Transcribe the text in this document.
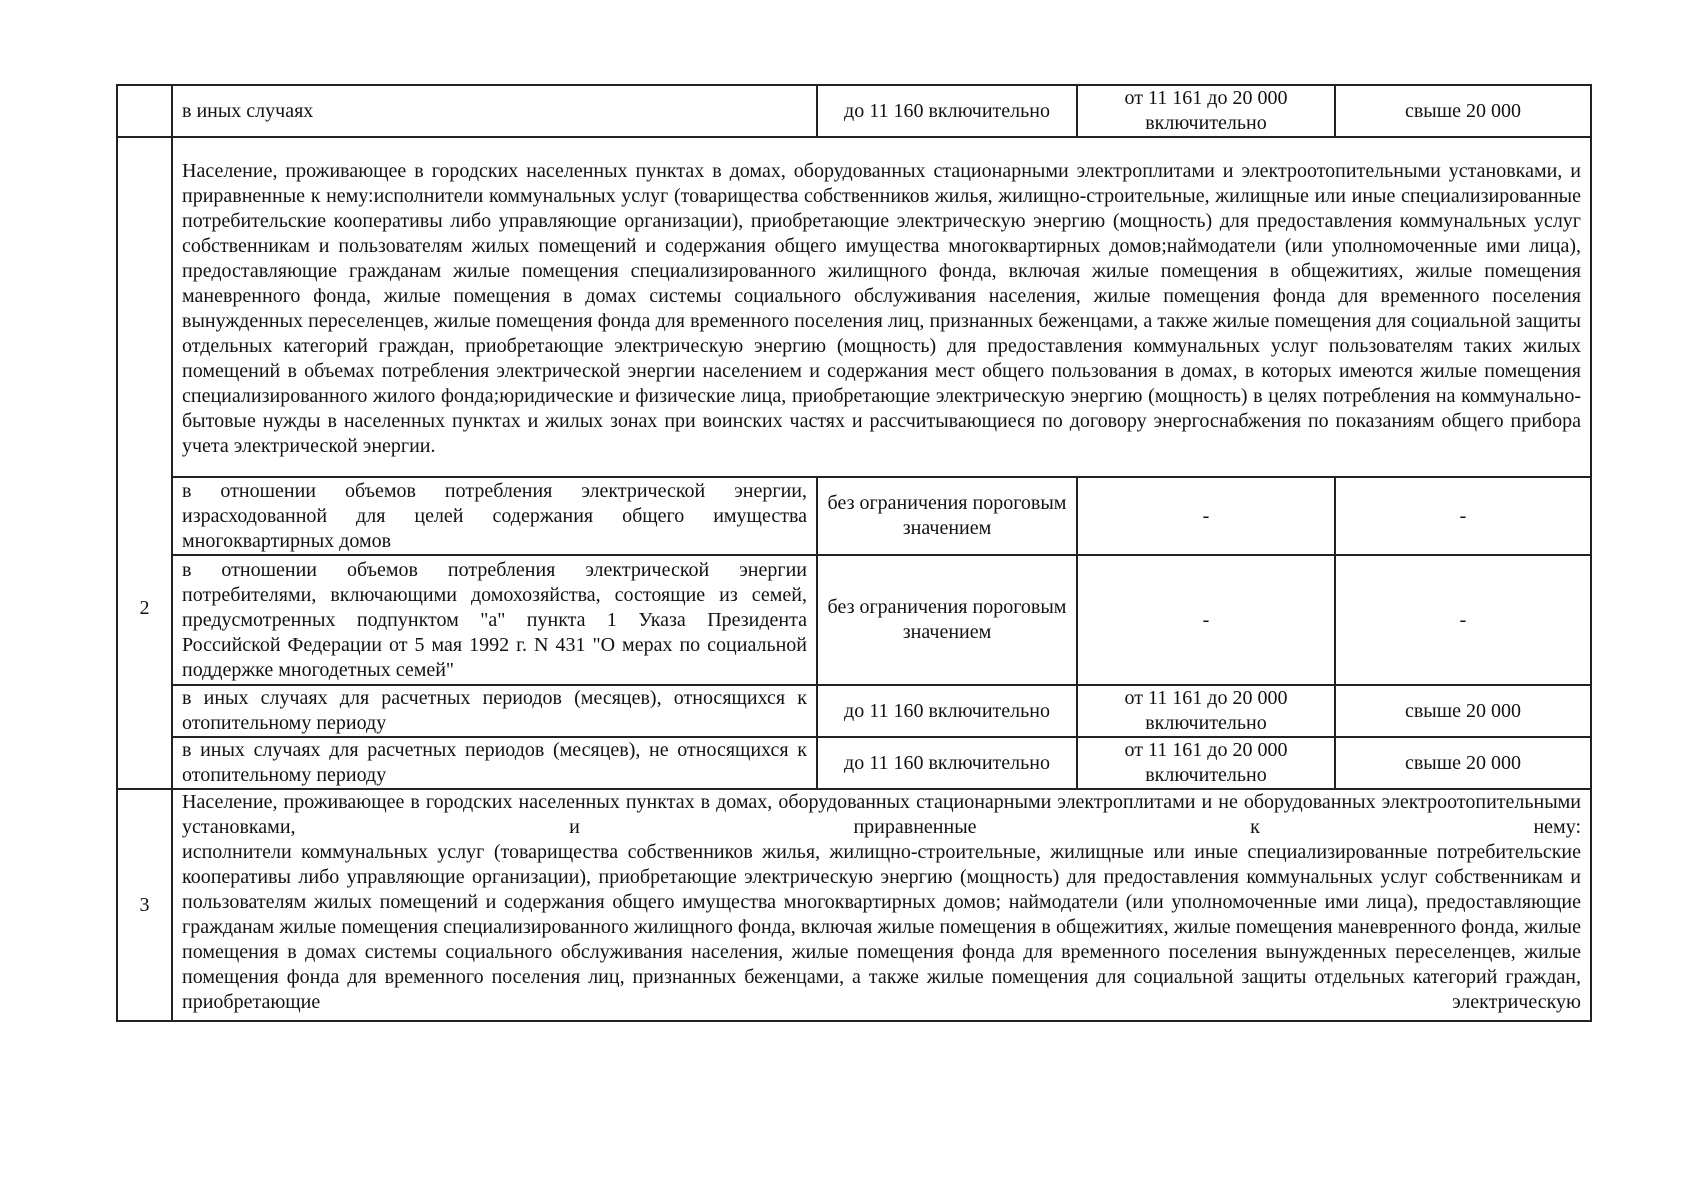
	в иных случаях	до 11 160 включительно	от 11 161 до 20 000 включительно	свыше 20 000
2	Население, проживающее в городских населенных пунктах в домах, оборудованных стационарными электроплитами и электроотопительными установками, и приравненные к нему:исполнители коммунальных услуг (товарищества собственников жилья, жилищно-строительные, жилищные или иные специализированные потребительские кооперативы либо управляющие организации), приобретающие электрическую энергию (мощность) для предоставления коммунальных услуг собственникам и пользователям жилых помещений и содержания общего имущества многоквартирных домов;наймодатели (или уполномоченные ими лица), предоставляющие гражданам жилые помещения специализированного жилищного фонда, включая жилые помещения в общежитиях, жилые помещения маневренного фонда, жилые помещения в домах системы социального обслуживания населения, жилые помещения фонда для временного поселения вынужденных переселенцев, жилые помещения фонда для временного поселения лиц, признанных беженцами, а также жилые помещения для социальной защиты отдельных категорий граждан, приобретающие электрическую энергию (мощность) для предоставления коммунальных услуг пользователям таких жилых помещений в объемах потребления электрической энергии населением и содержания мест общего пользования в домах, в которых имеются жилые помещения специализированного жилого фонда;юридические и физические лица, приобретающие электрическую энергию (мощность) в целях потребления на коммунально-бытовые нужды в населенных пунктах и жилых зонах при воинских частях и рассчитывающиеся по договору энергоснабжения по показаниям общего прибора учета электрической энергии.			
	в отношении объемов потребления электрической энергии, израсходованной для целей содержания общего имущества многоквартирных домов	без ограничения пороговым значением	-	-
	в отношении объемов потребления электрической энергии потребителями, включающими домохозяйства, состоящие из семей, предусмотренных подпунктом "а" пункта 1 Указа Президента Российской Федерации от 5 мая 1992 г. N 431 "О мерах по социальной поддержке многодетных семей"	без ограничения пороговым значением	-	-
	в иных случаях для расчетных периодов (месяцев), относящихся к отопительному периоду	до 11 160 включительно	от 11 161 до 20 000 включительно	свыше 20 000
	в иных случаях для расчетных периодов (месяцев), не относящихся к отопительному периоду	до 11 160 включительно	от 11 161 до 20 000 включительно	свыше 20 000
3	Население, проживающее в городских населенных пунктах в домах, оборудованных стационарными электроплитами и не оборудованных электроотопительными установками, и приравненные к нему:
исполнители коммунальных услуг (товарищества собственников жилья, жилищно-строительные, жилищные или иные специализированные потребительские кооперативы либо управляющие организации), приобретающие электрическую энергию (мощность) для предоставления коммунальных услуг собственникам и пользователям жилых помещений и содержания общего имущества многоквартирных домов; наймодатели (или уполномоченные ими лица), предоставляющие гражданам жилые помещения специализированного жилищного фонда, включая жилые помещения в общежитиях, жилые помещения маневренного фонда, жилые помещения в домах системы социального обслуживания населения, жилые помещения фонда для временного поселения вынужденных переселенцев, жилые помещения фонда для временного поселения лиц, признанных беженцами, а также жилые помещения для социальной защиты отдельных категорий граждан, приобретающие электрическую			
